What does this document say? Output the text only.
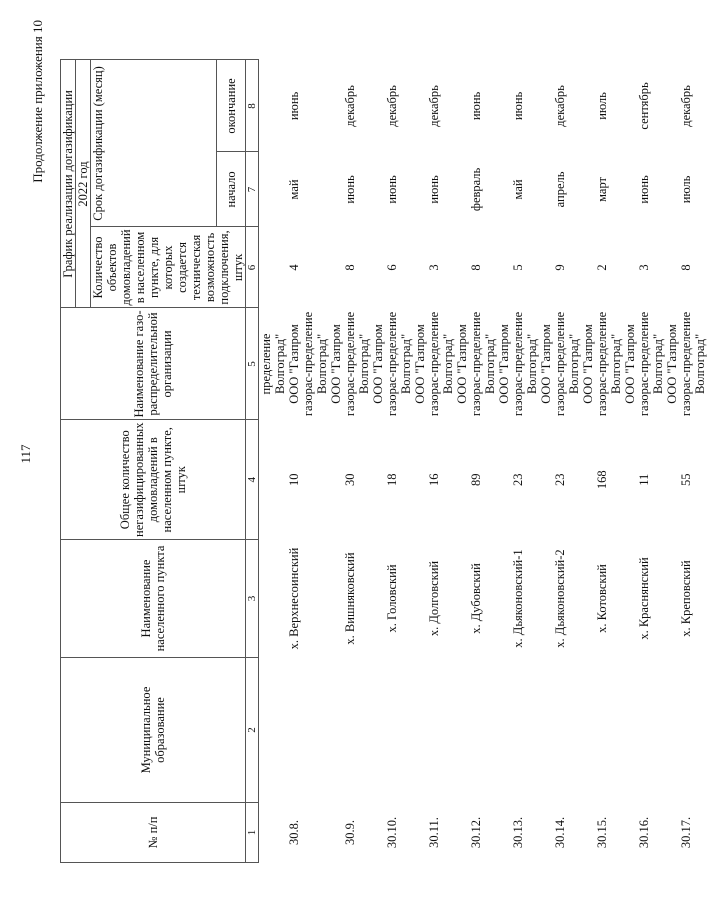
117
Продолжение приложения 10
№ п/п	Муниципальное образование	Наименование населенного пункта	Общее количество негазифицированных домовладений в населенном пункте, штук	Наименование газо-распределительной организации	График реализации догазификации		
					2022 год		
					Количество объектов домовладений в населенном пункте, для которых создается техническая возможность подключения, штук	Срок догазификации (месяц)	
						начало	окончание
1	2	3	4	5	6	7	8
30.8.		х. Верхнесоинский	10	пределение Волгоград" ООО "Газпром газорас-пределение Волгоград"	4	май	июнь
30.9.		х. Вишняковский	30	ООО "Газпром газорас-пределение Волгоград"	8	июнь	декабрь
30.10.		х. Головский	18	ООО "Газпром газорас-пределение Волгоград"	6	июнь	декабрь
30.11.		х. Долговский	16	ООО "Газпром газорас-пределение Волгоград"	3	июнь	декабрь
30.12.		х. Дубовский	89	ООО "Газпром газорас-пределение Волгоград"	8	февраль	июнь
30.13.		х. Дьяконовский-1	23	ООО "Газпром газорас-пределение Волгоград"	5	май	июнь
30.14.		х. Дьяконовский-2	23	ООО "Газпром газорас-пределение Волгоград"	9	апрель	декабрь
30.15.		х. Котовский	168	ООО "Газпром газорас-пределение Волгоград"	2	март	июль
30.16.		х. Краснянский	11	ООО "Газпром газорас-пределение Волгоград"	3	июнь	сентябрь
30.17.		х. Креповский	55	ООО "Газпром газорас-пределение Волгоград"	8	июль	декабрь
